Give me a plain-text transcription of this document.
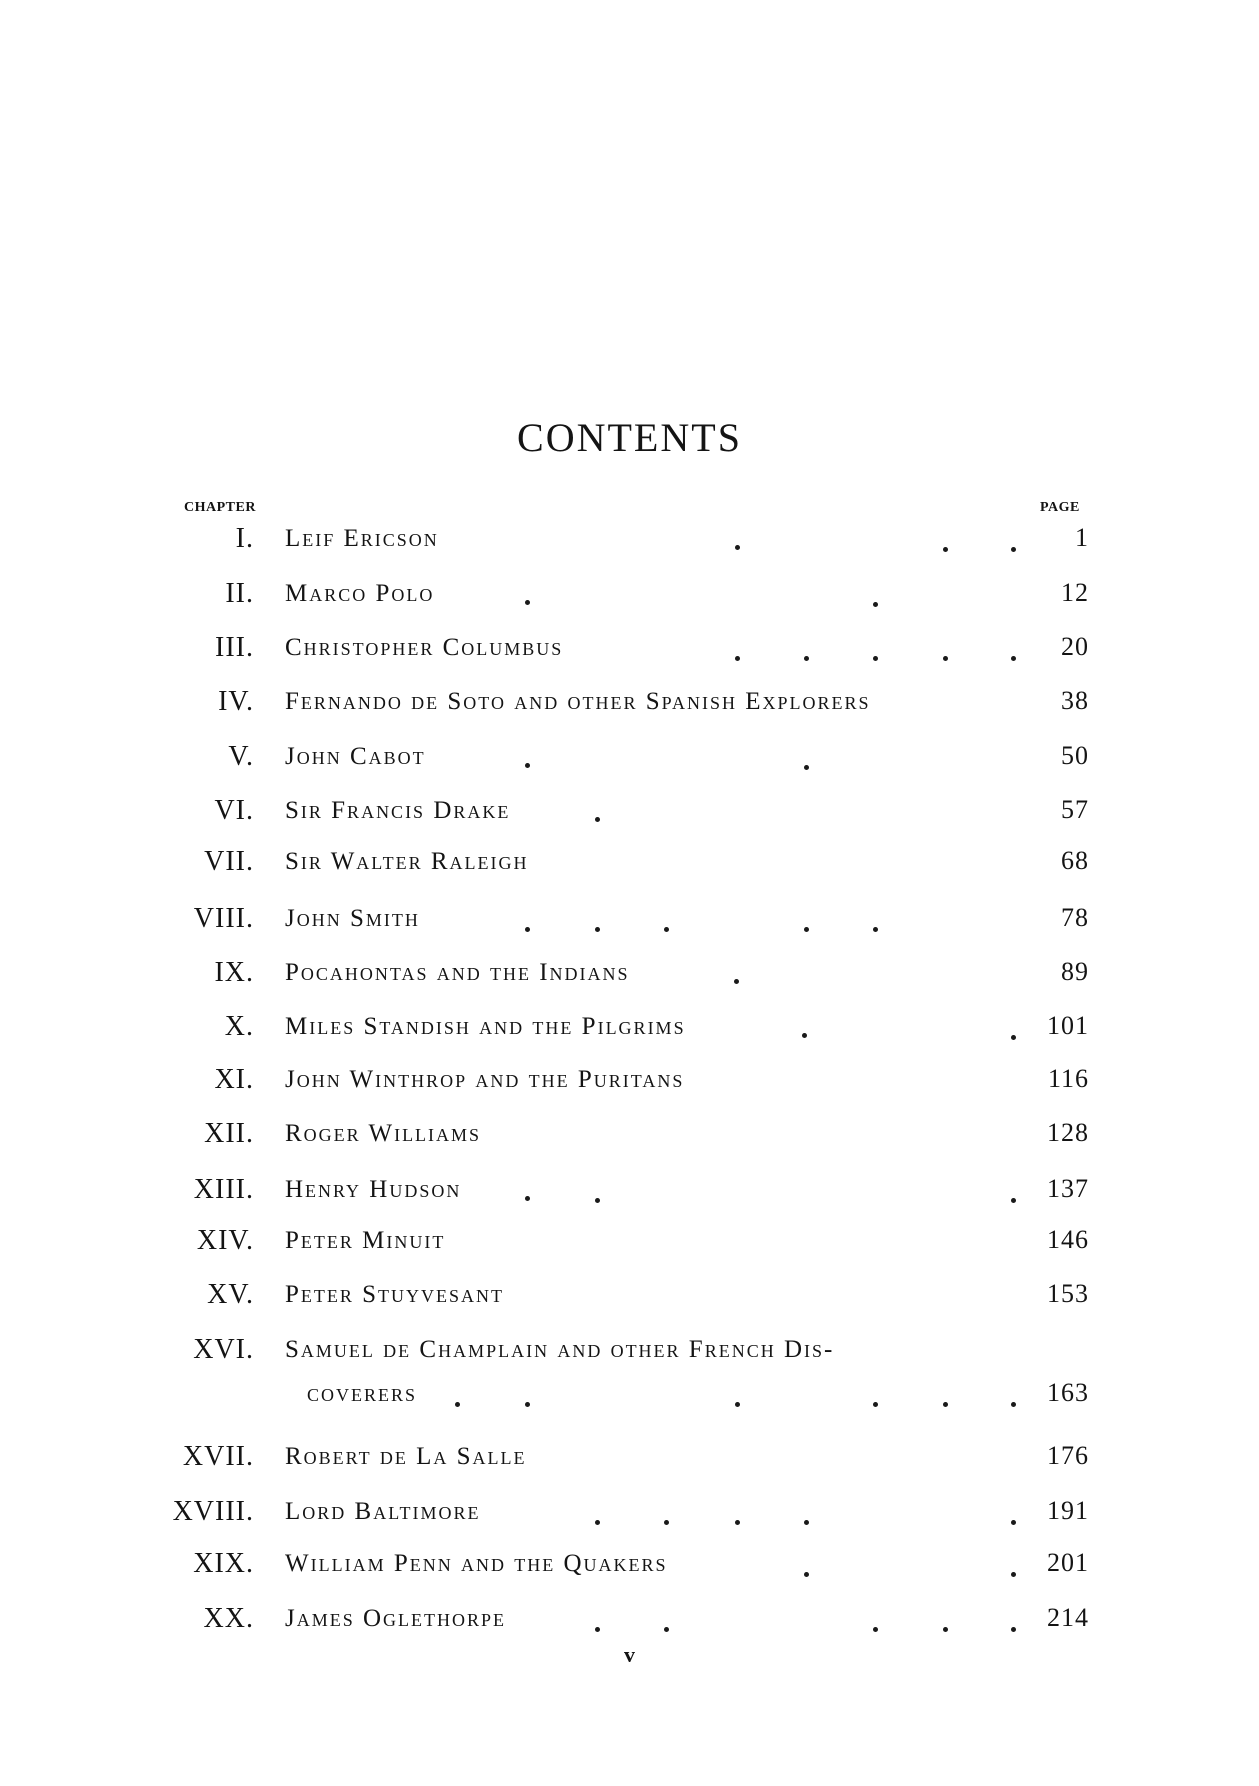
CONTENTS
CHAPTER	PAGE
I. Leif Ericson	1
II. Marco Polo	12
III. Christopher Columbus	20
IV. Fernando de Soto and other Spanish Explorers	38
V. John Cabot	50
VI. Sir Francis Drake	57
VII. Sir Walter Raleigh	68
VIII. John Smith	78
IX. Pocahontas and the Indians	89
X. Miles Standish and the Pilgrims	101
XI. John Winthrop and the Puritans	116
XII. Roger Williams	128
XIII. Henry Hudson	137
XIV. Peter Minuit	146
XV. Peter Stuyvesant	153
XVI. Samuel de Champlain and other French Dis-
coverers	163
XVII. Robert de La Salle	176
XVIII. Lord Baltimore	191
XIX. William Penn and the Quakers	201
XX. James Oglethorpe	214
v
